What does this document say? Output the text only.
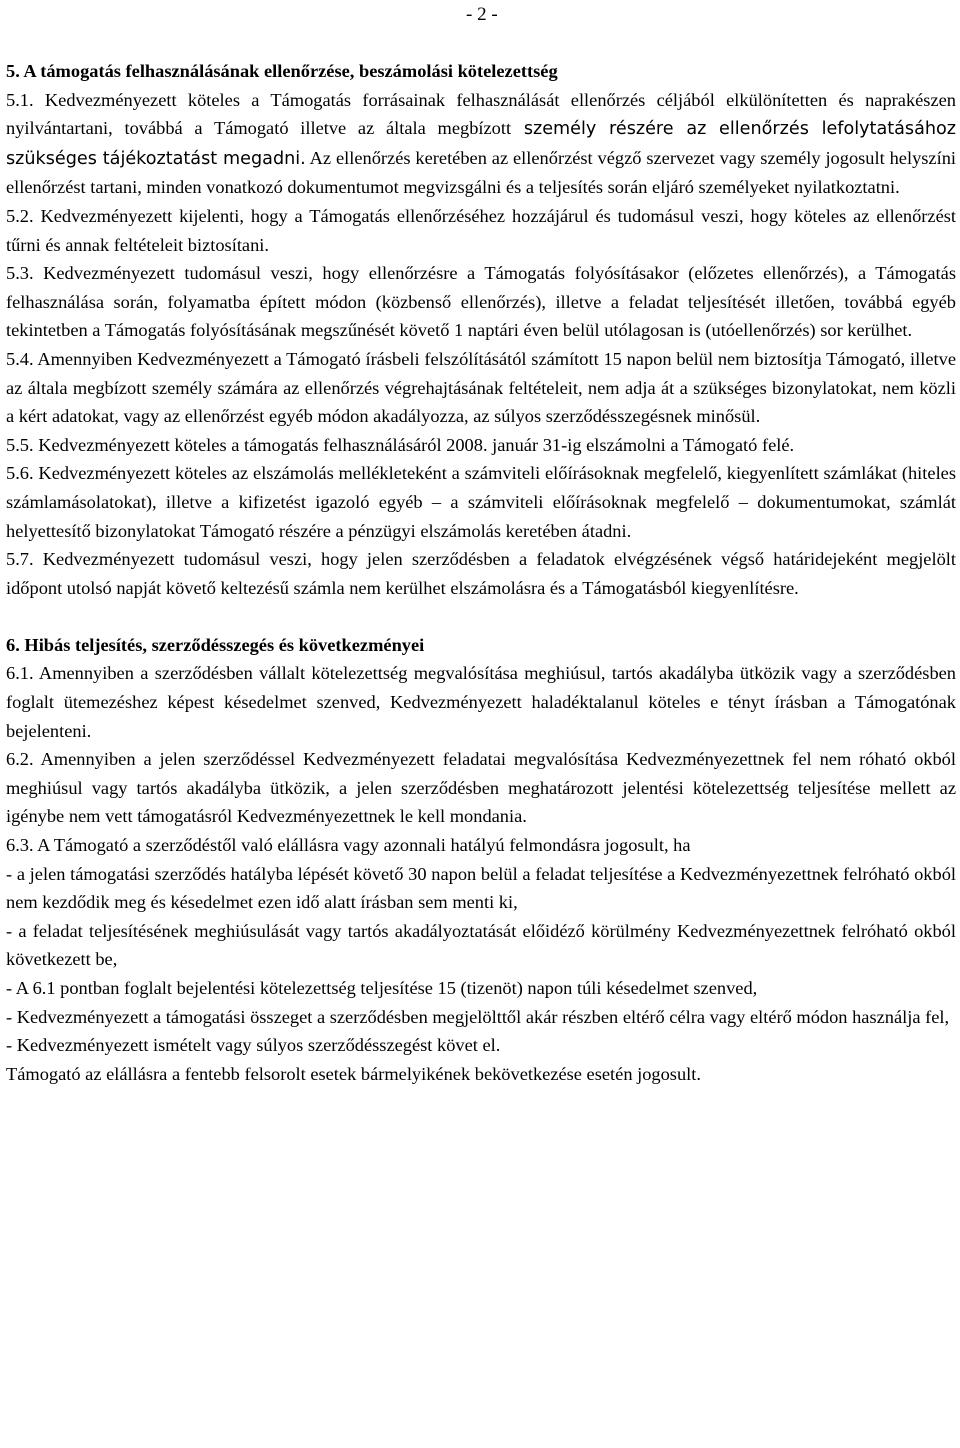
- 2 -

5. A támogatás felhasználásának ellenőrzése, beszámolási kötelezettség

5.1. Kedvezményezett köteles a Támogatás forrásainak felhasználását ellenőrzés céljából elkülönítetten és naprakészen nyilvántartani, továbbá a Támogató illetve az általa megbízott személy részére az ellenőrzés lefolytatásához szükséges tájékoztatást megadni. Az ellenőrzés keretében az ellenőrzést végző szervezet vagy személy jogosult helyszíni ellenőrzést tartani, minden vonatkozó dokumentumot megvizsgálni és a teljesítés során eljáró személyeket nyilatkoztatni.

5.2. Kedvezményezett kijelenti, hogy a Támogatás ellenőrzéséhez hozzájárul és tudomásul veszi, hogy köteles az ellenőrzést tűrni és annak feltételeit biztosítani.

5.3. Kedvezményezett tudomásul veszi, hogy ellenőrzésre a Támogatás folyósításakor (előzetes ellenőrzés), a Támogatás felhasználása során, folyamatba épített módon (közbenső ellenőrzés), illetve a feladat teljesítését illetően, továbbá egyéb tekintetben a Támogatás folyósításának megszűnését követő 1 naptári éven belül utólagosan is (utóellenőrzés) sor kerülhet.

5.4. Amennyiben Kedvezményezett a Támogató írásbeli felszólításától számított 15 napon belül nem biztosítja Támogató, illetve az általa megbízott személy számára az ellenőrzés végrehajtásának feltételeit, nem adja át a szükséges bizonylatokat, nem közli a kért adatokat, vagy az ellenőrzést egyéb módon akadályozza, az súlyos szerződésszegésnek minősül.

5.5. Kedvezményezett köteles a támogatás felhasználásáról 2008. január 31-ig elszámolni a Támogató felé.

5.6. Kedvezményezett köteles az elszámolás mellékleteként a számviteli előírásoknak megfelelő, kiegyenlített számlákat (hiteles számlamásolatokat), illetve a kifizetést igazoló egyéb – a számviteli előírásoknak megfelelő – dokumentumokat, számlát helyettesítő bizonylatokat Támogató részére a pénzügyi elszámolás keretében átadni.

5.7. Kedvezményezett tudomásul veszi, hogy jelen szerződésben a feladatok elvégzésének végső határidejeként megjelölt időpont utolsó napját követő keltezésű számla nem kerülhet elszámolásra és a Támogatásból kiegyenlítésre.

6. Hibás teljesítés, szerződésszegés és következményei

6.1. Amennyiben a szerződésben vállalt kötelezettség megvalósítása meghiúsul, tartós akadályba ütközik vagy a szerződésben foglalt ütemezéshez képest késedelmet szenved, Kedvezményezett haladéktalanul köteles e tényt írásban a Támogatónak bejelenteni.

6.2. Amennyiben a jelen szerződéssel Kedvezményezett feladatai megvalósítása Kedvezményezettnek fel nem róható okból meghiúsul vagy tartós akadályba ütközik, a jelen szerződésben meghatározott jelentési kötelezettség teljesítése mellett az igénybe nem vett támogatásról Kedvezményezettnek le kell mondania.

6.3. A Támogató a szerződéstől való elállásra vagy azonnali hatályú felmondásra jogosult, ha

- a jelen támogatási szerződés hatályba lépését követő 30 napon belül a feladat teljesítése a Kedvezményezettnek felróható okból nem kezdődik meg és késedelmet ezen idő alatt írásban sem menti ki,

- a feladat teljesítésének meghiúsulását vagy tartós akadályoztatását előidéző körülmény Kedvezményezettnek felróható okból következett be,

- A 6.1 pontban foglalt bejelentési kötelezettség teljesítése 15 (tizenöt) napon túli késedelmet szenved,

- Kedvezményezett a támogatási összeget a szerződésben megjelölttől akár részben eltérő célra vagy eltérő módon használja fel,

- Kedvezményezett ismételt vagy súlyos szerződésszegést követ el.

Támogató az elállásra a fentebb felsorolt esetek bármelyikének bekövetkezése esetén jogosult.
